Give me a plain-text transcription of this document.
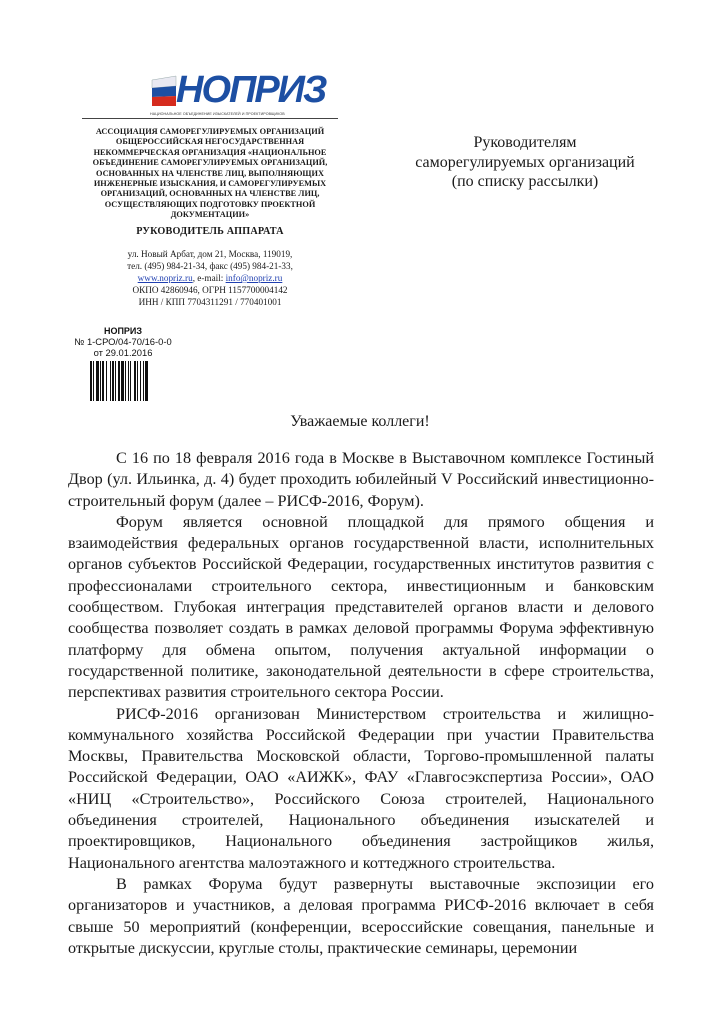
НОПРИЗ
НАЦИОНАЛЬНОЕ ОБЪЕДИНЕНИЕ ИЗЫСКАТЕЛЕЙ И ПРОЕКТИРОВЩИКОВ
АССОЦИАЦИЯ САМОРЕГУЛИРУЕМЫХ ОРГАНИЗАЦИЙ ОБЩЕРОССИЙСКАЯ НЕГОСУДАРСТВЕННАЯ НЕКОММЕРЧЕСКАЯ ОРГАНИЗАЦИЯ «НАЦИОНАЛЬНОЕ ОБЪЕДИНЕНИЕ САМОРЕГУЛИРУЕМЫХ ОРГАНИЗАЦИЙ, ОСНОВАННЫХ НА ЧЛЕНСТВЕ ЛИЦ, ВЫПОЛНЯЮЩИХ ИНЖЕНЕРНЫЕ ИЗЫСКАНИЯ, И САМОРЕГУЛИРУЕМЫХ ОРГАНИЗАЦИЙ, ОСНОВАННЫХ НА ЧЛЕНСТВЕ ЛИЦ, ОСУЩЕСТВЛЯЮЩИХ ПОДГОТОВКУ ПРОЕКТНОЙ ДОКУМЕНТАЦИИ»
РУКОВОДИТЕЛЬ АППАРАТА
ул. Новый Арбат, дом 21, Москва, 119019,
тел. (495) 984-21-34, факс (495) 984-21-33,
www.nopriz.ru, e-mail: info@nopriz.ru
ОКПО 42860946, ОГРН 1157700004142
ИНН / КПП 7704311291 / 770401001
Руководителям
саморегулируемых организаций
(по списку рассылки)
НОПРИЗ
№ 1-СРО/04-70/16-0-0
от 29.01.2016
Уважаемые коллеги!

С 16 по 18 февраля 2016 года в Москве в Выставочном комплексе Гостиный Двор (ул. Ильинка, д. 4) будет проходить юбилейный V Российский инвестиционно-строительный форум (далее – РИСФ-2016, Форум).

Форум является основной площадкой для прямого общения и взаимодействия федеральных органов государственной власти, исполнительных органов субъектов Российской Федерации, государственных институтов развития с профессионалами строительного сектора, инвестиционным и банковским сообществом. Глубокая интеграция представителей органов власти и делового сообщества позволяет создать в рамках деловой программы Форума эффективную платформу для обмена опытом, получения актуальной информации о государственной политике, законодательной деятельности в сфере строительства, перспективах развития строительного сектора России.

РИСФ-2016 организован Министерством строительства и жилищно-коммунального хозяйства Российской Федерации при участии Правительства Москвы, Правительства Московской области, Торгово-промышленной палаты Российской Федерации, ОАО «АИЖК», ФАУ «Главгосэкспертиза России», ОАО «НИЦ «Строительство», Российского Союза строителей, Национального объединения строителей, Национального объединения изыскателей и проектировщиков, Национального объединения застройщиков жилья, Национального агентства малоэтажного и коттеджного строительства.

В рамках Форума будут развернуты выставочные экспозиции его организаторов и участников, а деловая программа РИСФ-2016 включает в себя свыше 50 мероприятий (конференции, всероссийские совещания, панельные и открытые дискуссии, круглые столы, практические семинары, церемонии
